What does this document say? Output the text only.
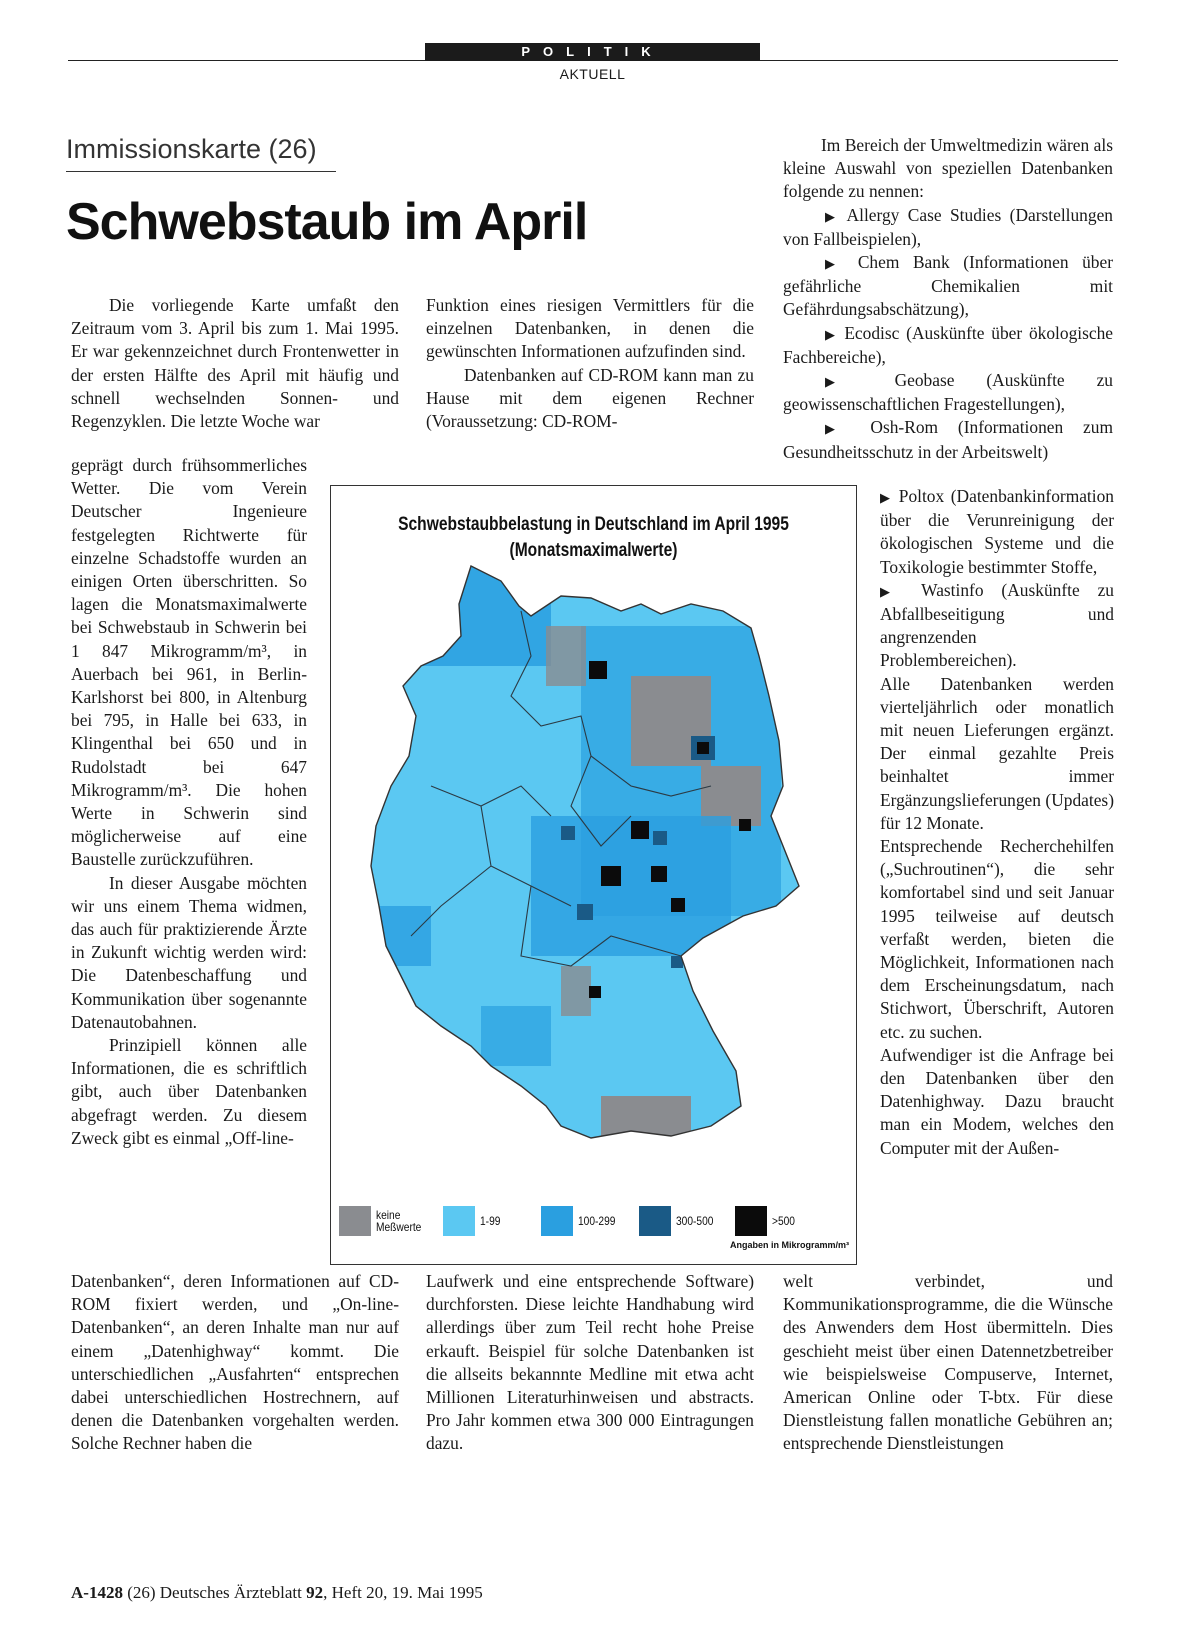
POLITIK
AKTUELL
Immissionskarte (26)
Schwebstaub im April

Die vorliegende Karte umfaßt den Zeitraum vom 3. April bis zum 1. Mai 1995. Er war gekennzeichnet durch Frontenwetter in der ersten Hälfte des April mit häufig und schnell wechselnden Sonnen- und Regenzyklen. Die letzte Woche war

geprägt durch frühsommerliches Wetter. Die vom Verein Deutscher Ingenieure festgelegten Richtwerte für einzelne Schadstoffe wurden an einigen Orten überschritten. So lagen die Monatsmaximalwerte bei Schwebstaub in Schwerin bei 1 847 Mikrogramm/m³, in Auerbach bei 961, in Berlin-Karlshorst bei 800, in Altenburg bei 795, in Halle bei 633, in Klingenthal bei 650 und in Rudolstadt bei 647 Mikrogramm/m³. Die hohen Werte in Schwerin sind möglicherweise auf eine Baustelle zurückzuführen.

In dieser Ausgabe möchten wir uns einem Thema widmen, das auch für praktizierende Ärzte in Zukunft wichtig werden wird: Die Datenbeschaffung und Kommunikation über sogenannte Datenautobahnen.

Prinzipiell können alle Informationen, die es schriftlich gibt, auch über Datenbanken abgefragt werden. Zu diesem Zweck gibt es einmal „Off-line-

Datenbanken“, deren Informationen auf CD-ROM fixiert werden, und „On-line-Datenbanken“, an deren Inhalte man nur auf einem „Datenhighway“ kommt. Die unterschiedlichen „Ausfahrten“ entsprechen dabei unterschiedlichen Hostrechnern, auf denen die Datenbanken vorgehalten werden. Solche Rechner haben die

Funktion eines riesigen Vermittlers für die einzelnen Datenbanken, in denen die gewünschten Informationen aufzufinden sind.

Datenbanken auf CD-ROM kann man zu Hause mit dem eigenen Rechner (Voraussetzung: CD-ROM-

Laufwerk und eine entsprechende Software) durchforsten. Diese leichte Handhabung wird allerdings über zum Teil recht hohe Preise erkauft. Beispiel für solche Datenbanken ist die allseits bekannnte Medline mit etwa acht Millionen Literaturhinweisen und abstracts. Pro Jahr kommen etwa 300 000 Eintragungen dazu.

Im Bereich der Umweltmedizin wären als kleine Auswahl von speziellen Datenbanken folgende zu nennen:

▶ Allergy Case Studies (Darstellungen von Fallbeispielen),

▶ Chem Bank (Informationen über gefährliche Chemikalien mit Gefährdungsabschätzung),

▶ Ecodisc (Auskünfte über ökologische Fachbereiche),

▶ Geobase (Auskünfte zu geowissenschaftlichen Fragestellungen),

▶ Osh-Rom (Informationen zum Gesundheitsschutz in der Arbeitswelt)

▶ Poltox (Datenbankinformation über die Verunreinigung der ökologischen Systeme und die Toxikologie bestimmter Stoffe,

▶ Wastinfo (Auskünfte zu Abfallbeseitigung und angrenzenden Problembereichen).

Alle Datenbanken werden vierteljährlich oder monatlich mit neuen Lieferungen ergänzt. Der einmal gezahlte Preis beinhaltet immer Ergänzungslieferungen (Updates) für 12 Monate.

Entsprechende Recherchehilfen („Suchroutinen“), die sehr komfortabel sind und seit Januar 1995 teilweise auf deutsch verfaßt werden, bieten die Möglichkeit, Informationen nach dem Erscheinungsdatum, nach Stichwort, Überschrift, Autoren etc. zu suchen.

Aufwendiger ist die Anfrage bei den Datenbanken über den Datenhighway. Dazu braucht man ein Modem, welches den Computer mit der Außen-

welt verbindet, und Kommunikationsprogramme, die die Wünsche des Anwenders dem Host übermitteln. Dies geschieht meist über einen Datennetzbetreiber wie beispielsweise Compuserve, Internet, American Online oder T-btx. Für diese Dienstleistung fallen monatliche Gebühren an; entsprechende Dienstleistungen

Schwebstaubbelastung in Deutschland im April 1995
(Monatsmaximalwerte)
keine
Meßwerte	1-99	100-299	300-500	>500
Angaben in Mikrogramm/m³
A-1428 (26) Deutsches Ärzteblatt 92, Heft 20, 19. Mai 1995
